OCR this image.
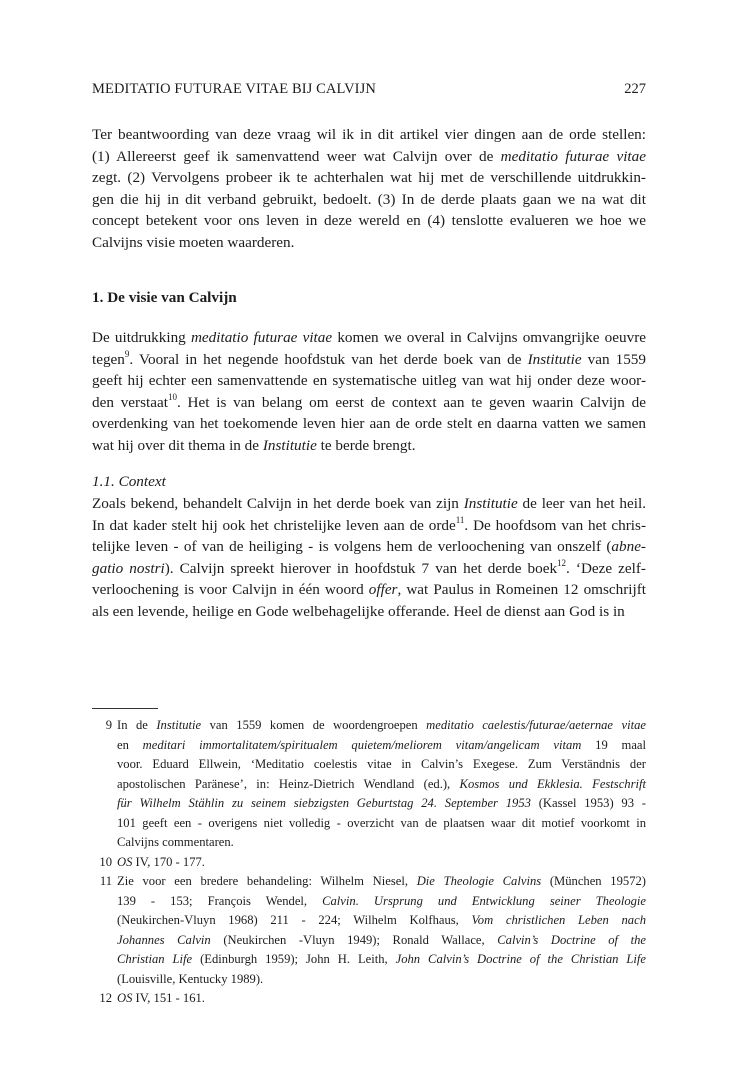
MEDITATIO FUTURAE VITAE BIJ CALVIJN	227
Ter beantwoording van deze vraag wil ik in dit artikel vier dingen aan de orde stellen:
(1) Allereerst geef ik samenvattend weer wat Calvijn over de meditatio futurae vitae
zegt. (2) Vervolgens probeer ik te achterhalen wat hij met de verschillende uitdrukkin-
gen die hij in dit verband gebruikt, bedoelt. (3) In de derde plaats gaan we na wat dit
concept betekent voor ons leven in deze wereld en (4) tenslotte evalueren we hoe we
Calvijns visie moeten waarderen.
1. De visie van Calvijn
De uitdrukking meditatio futurae vitae komen we overal in Calvijns omvangrijke oeuvre
tegen$^9$. Vooral in het negende hoofdstuk van het derde boek van de Institutie van 1559
geeft hij echter een samenvattende en systematische uitleg van wat hij onder deze woor-
den verstaat$^{10}$. Het is van belang om eerst de context aan te geven waarin Calvijn de
overdenking van het toekomende leven hier aan de orde stelt en daarna vatten we samen
wat hij over dit thema in de Institutie te berde brengt.
1.1. Context
Zoals bekend, behandelt Calvijn in het derde boek van zijn Institutie de leer van het heil.
In dat kader stelt hij ook het christelijke leven aan de orde$^{11}$. De hoofdsom van het chris-
telijke leven - of van de heiliging - is volgens hem de verloochening van onszelf (abne-
gatio nostri). Calvijn spreekt hierover in hoofdstuk 7 van het derde boek$^{12}$. ‘Deze zelf-
verloochening is voor Calvijn in één woord offer, wat Paulus in Romeinen 12 omschrijft
als een levende, heilige en Gode welbehagelijke offerande. Heel de dienst aan God is in
9 In de Institutie van 1559 komen de woordengroepen meditatio caelestis/futurae/aeternae vitae
en meditari immortalitatem/spiritualem quietem/meliorem vitam/angelicam vitam 19 maal
voor. Eduard Ellwein, ‘Meditatio coelestis vitae in Calvin’s Exegese. Zum Verständnis der
apostolischen Paränese’, in: Heinz-Dietrich Wendland (ed.), Kosmos und Ekklesia. Festschrift
für Wilhelm Stählin zu seinem siebzigsten Geburtstag 24. September 1953 (Kassel 1953) 93 -
101 geeft een - overigens niet volledig - overzicht van de plaatsen waar dit motief voorkomt in
Calvijns commentaren.
10 OS IV, 170 - 177.
11 Zie voor een bredere behandeling: Wilhelm Niesel, Die Theologie Calvins (München 19572)
139 - 153; François Wendel, Calvin. Ursprung und Entwicklung seiner Theologie
(Neukirchen-Vluyn 1968) 211 - 224; Wilhelm Kolfhaus, Vom christlichen Leben nach
Johannes Calvin (Neukirchen -Vluyn 1949); Ronald Wallace, Calvin’s Doctrine of the
Christian Life (Edinburgh 1959); John H. Leith, John Calvin’s Doctrine of the Christian Life
(Louisville, Kentucky 1989).
12 OS IV, 151 - 161.
